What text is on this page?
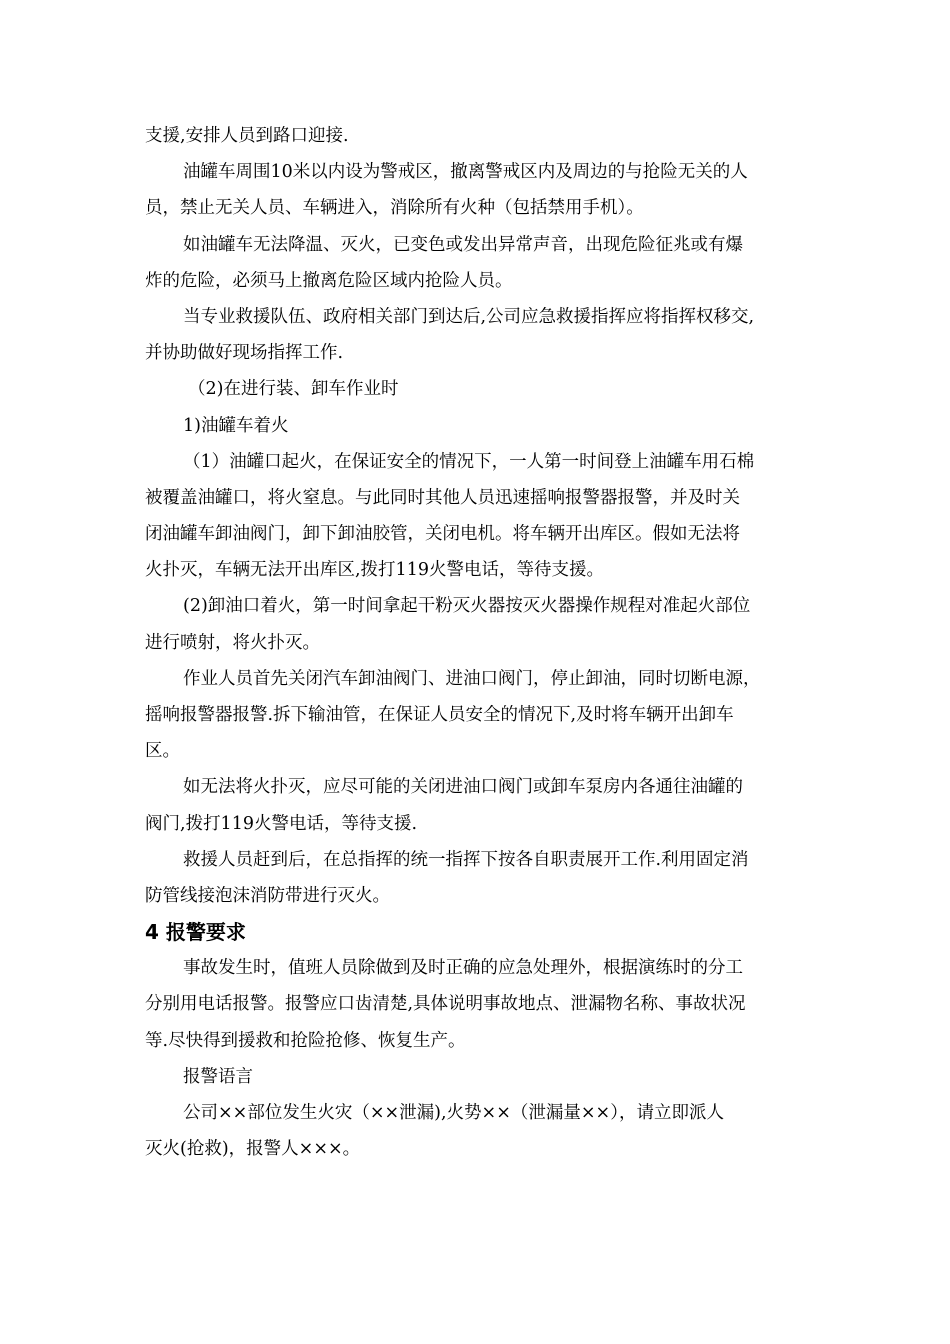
支援,安排人员到路口迎接.
油罐车周围10米以内设为警戒区，撤离警戒区内及周边的与抢险无关的人
员，禁止无关人员、车辆进入，消除所有火种（包括禁用手机）。
如油罐车无法降温、灭火，已变色或发出异常声音，出现危险征兆或有爆
炸的危险，必须马上撤离危险区域内抢险人员。
当专业救援队伍、政府相关部门到达后,公司应急救援指挥应将指挥权移交,
并协助做好现场指挥工作.
（2)在进行装、卸车作业时
1)油罐车着火
（1）油罐口起火，在保证安全的情况下，一人第一时间登上油罐车用石棉
被覆盖油罐口，将火窒息。与此同时其他人员迅速摇响报警器报警，并及时关
闭油罐车卸油阀门，卸下卸油胶管，关闭电机。将车辆开出库区。假如无法将
火扑灭，车辆无法开出库区,拨打119火警电话，等待支援。
(2)卸油口着火，第一时间拿起干粉灭火器按灭火器操作规程对准起火部位
进行喷射，将火扑灭。
作业人员首先关闭汽车卸油阀门、进油口阀门，停止卸油，同时切断电源，
摇响报警器报警.拆下输油管，在保证人员安全的情况下,及时将车辆开出卸车
区。
如无法将火扑灭，应尽可能的关闭进油口阀门或卸车泵房内各通往油罐的
阀门,拨打119火警电话，等待支援.
救援人员赶到后，在总指挥的统一指挥下按各自职责展开工作.利用固定消
防管线接泡沫消防带进行灭火。
4 报警要求
事故发生时，值班人员除做到及时正确的应急处理外，根据演练时的分工
分别用电话报警。报警应口齿清楚,具体说明事故地点、泄漏物名称、事故状况
等.尽快得到援救和抢险抢修、恢复生产。
报警语言
公司××部位发生火灾（××泄漏),火势××（泄漏量××），请立即派人
灭火(抢救)，报警人×××。
